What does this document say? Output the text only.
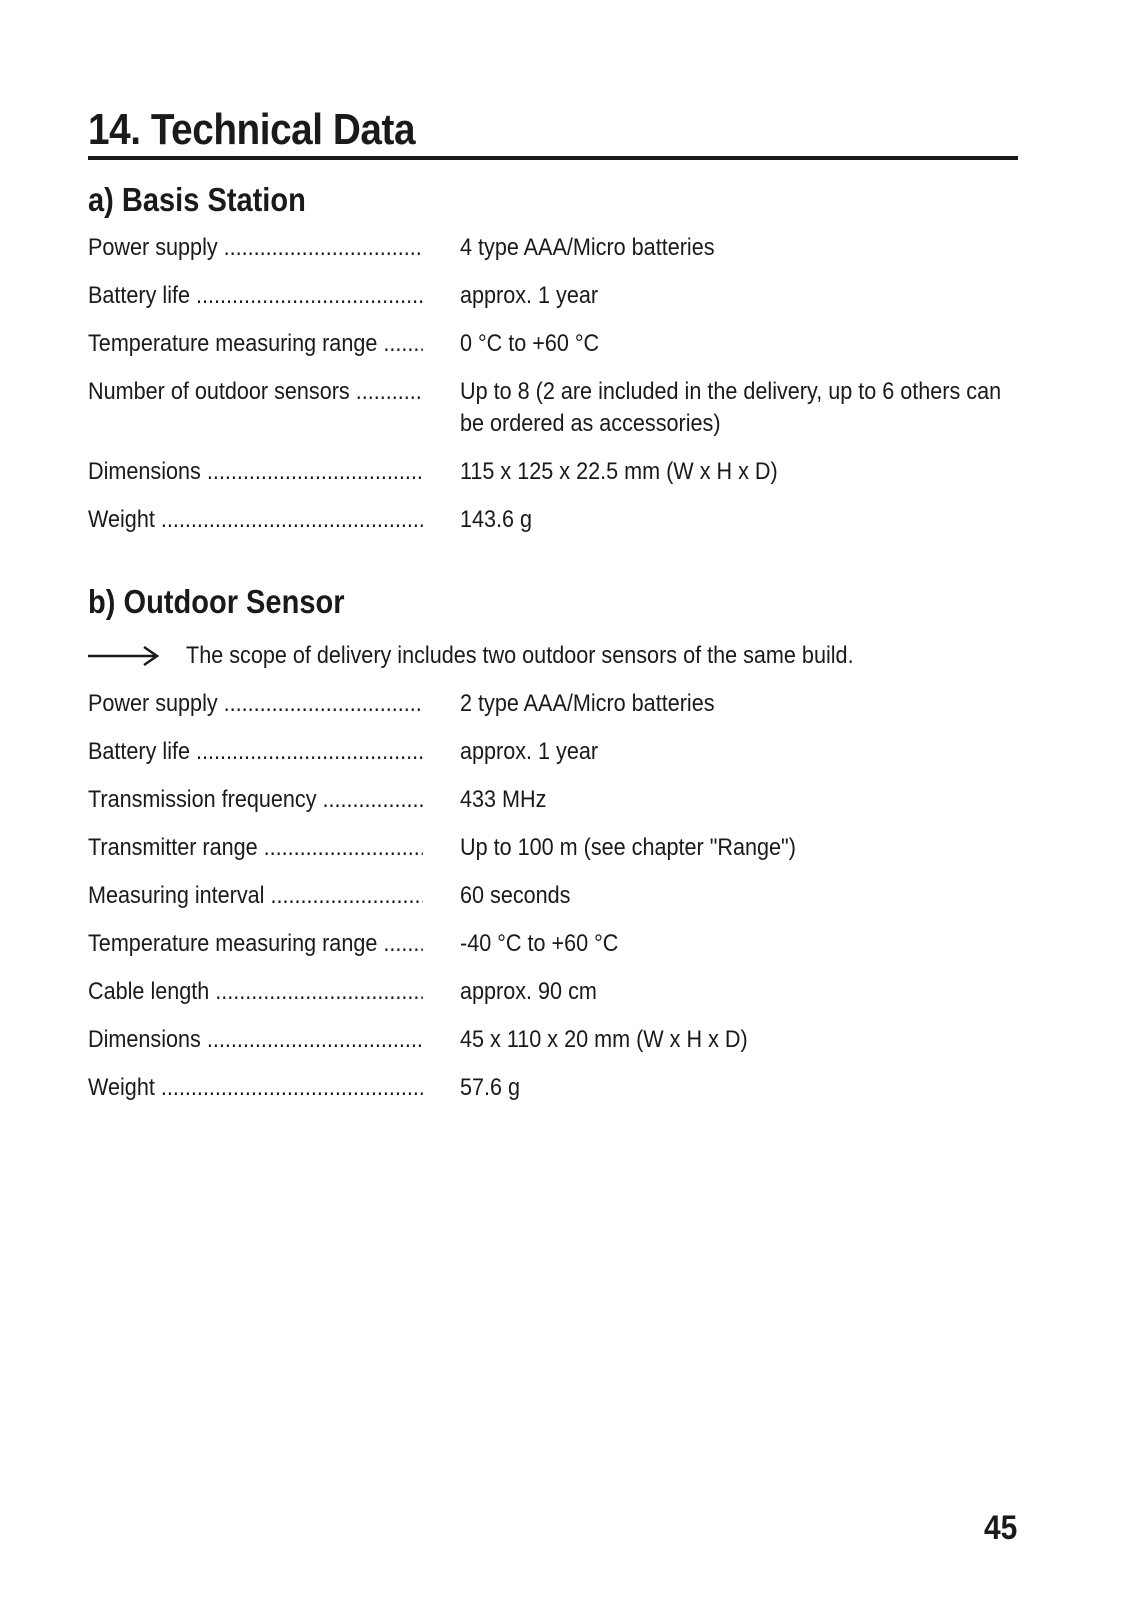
14. Technical Data
a) Basis Station
Power supply .....	4 type AAA/Micro batteries
Battery life .....	approx. 1 year
Temperature measuring range .....	0 °C to +60 °C
Number of outdoor sensors .....	Up to 8 (2 are included in the delivery, up to 6 others can be ordered as accessories)
Dimensions .....	115 x 125 x 22.5 mm (W x H x D)
Weight .....	143.6 g
b) Outdoor Sensor
The scope of delivery includes two outdoor sensors of the same build.
Power supply .....	2 type AAA/Micro batteries
Battery life .....	approx. 1 year
Transmission frequency .....	433 MHz
Transmitter range .....	Up to 100 m (see chapter "Range")
Measuring interval .....	60 seconds
Temperature measuring range .....	-40 °C to +60 °C
Cable length .....	approx. 90 cm
Dimensions .....	45 x 110 x 20 mm (W x H x D)
Weight .....	57.6 g
45
